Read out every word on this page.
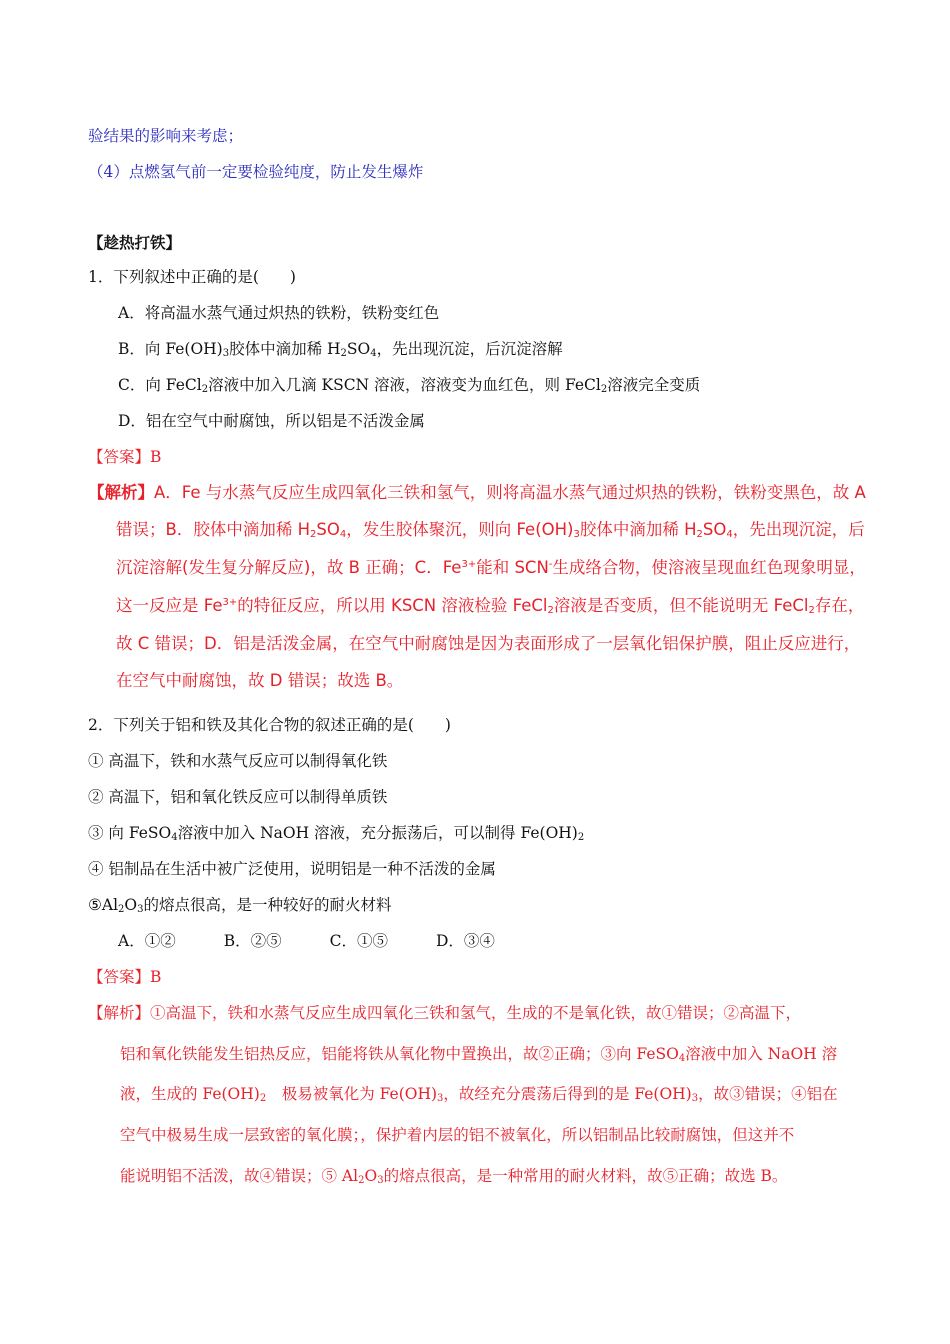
验结果的影响来考虑；
（4）点燃氢气前一定要检验纯度，防止发生爆炸
【趁热打铁】
1．下列叙述中正确的是(　　)
A．将高温水蒸气通过炽热的铁粉，铁粉变红色
B．向 $Fe(OH)_3$胶体中滴加稀 $H_2SO_4$，先出现沉淀，后沉淀溶解
C．向 FeCl$_2$溶液中加入几滴 KSCN 溶液，溶液变为血红色，则 FeCl$_2$溶液完全变质
D．铝在空气中耐腐蚀，所以铝是不活泼金属
【答案】B
【解析】A．Fe 与水蒸气反应生成四氧化三铁和氢气，则将高温水蒸气通过炽热的铁粉，铁粉变黑色，故 A
错误；B．胶体中滴加稀 $H_2SO_4$，发生胶体聚沉，则向 $Fe(OH)_3$胶体中滴加稀 $H_2SO_4$，先出现沉淀，后
沉淀溶解(发生复分解反应)，故 B 正确；C．$Fe^{3+}$能和 SCN-生成络合物，使溶液呈现血红色现象明显，
这一反应是 $Fe^{3+}$的特征反应，所以用 KSCN 溶液检验 FeCl$_2$溶液是否变质，但不能说明无 FeCl$_2$存在，
故 C 错误；D．铝是活泼金属，在空气中耐腐蚀是因为表面形成了一层氧化铝保护膜，阻止反应进行，
在空气中耐腐蚀，故 D 错误；故选 B。
2．下列关于铝和铁及其化合物的叙述正确的是(　　)
① 高温下，铁和水蒸气反应可以制得氧化铁
② 高温下，铝和氧化铁反应可以制得单质铁
③ 向 FeSO$_4$溶液中加入 NaOH 溶液，充分振荡后，可以制得 $Fe(OH)_2$
④ 铝制品在生活中被广泛使用，说明铝是一种不活泼的金属
$⑤Al_2O_3$的熔点很高，是一种较好的耐火材料
A．①②	B．②⑤	C．①⑤	D．③④
【答案】B
【解析】①高温下，铁和水蒸气反应生成四氧化三铁和氢气，生成的不是氧化铁，故①错误；②高温下，
铝和氧化铁能发生铝热反应，铝能将铁从氧化物中置换出，故②正确；③向 FeSO$_4$溶液中加入 NaOH 溶
液，生成的 $Fe(OH)_2$　极易被氧化为 $Fe(OH)_3$，故经充分震荡后得到的是 $Fe(OH)_3$，故③错误；④铝在
空气中极易生成一层致密的氧化膜；，保护着内层的铝不被氧化，所以铝制品比较耐腐蚀，但这并不
能说明铝不活泼，故④错误；⑤ $Al_2O_3$的熔点很高，是一种常用的耐火材料，故⑤正确；故选 B。
